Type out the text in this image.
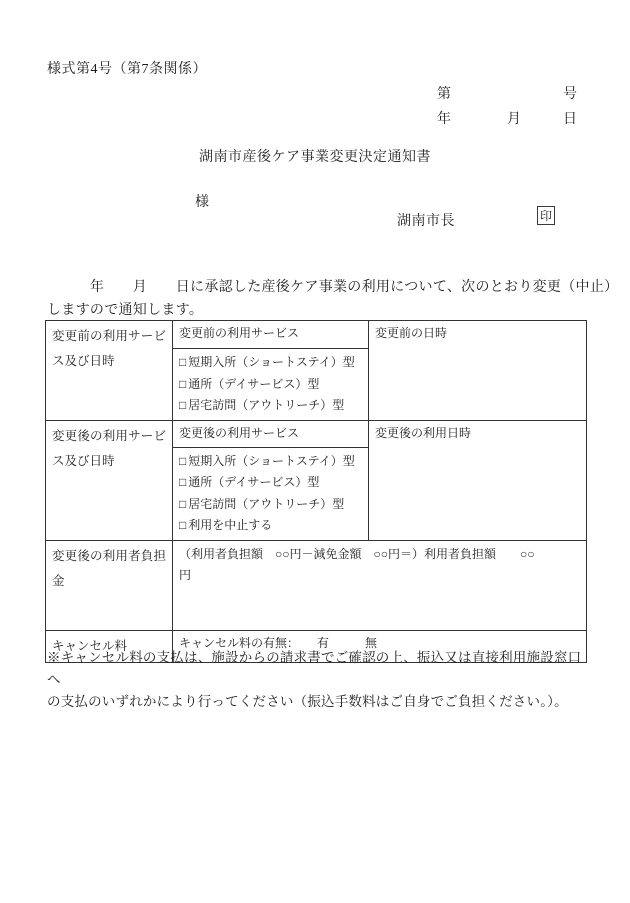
様式第4号（第7条関係）
第　　　　　　　　号
年　　　　月　　　日
湖南市産後ケア事業変更決定通知書
様
湖南市長	印
　　　年　　月　　日に承認した産後ケア事業の利用について、次のとおり変更（中止）
しますので通知します。
変更前の利用サービス及び日時	変更前の利用サービス	変更前の日時

	□ 短期入所（ショートステイ）型
□ 通所（デイサービス）型
□ 居宅訪問（アウトリーチ）型	

変更後の利用サービス及び日時	変更後の利用サービス	変更後の利用日時

	□ 短期入所（ショートステイ）型
□ 通所（デイサービス）型
□ 居宅訪問（アウトリーチ）型
□ 利用を中止する	

変更後の利用者負担金	（利用者負担額　○○円－減免金額　○○円＝）利用者負担額　　○○
円	

キャンセル料	キャンセル料の有無：　　有　　　無	
※キャンセル料の支払は、施設からの請求書でご確認の上、振込又は直接利用施設窓口へ
の支払のいずれかにより行ってください（振込手数料はご自身でご負担ください。）。
